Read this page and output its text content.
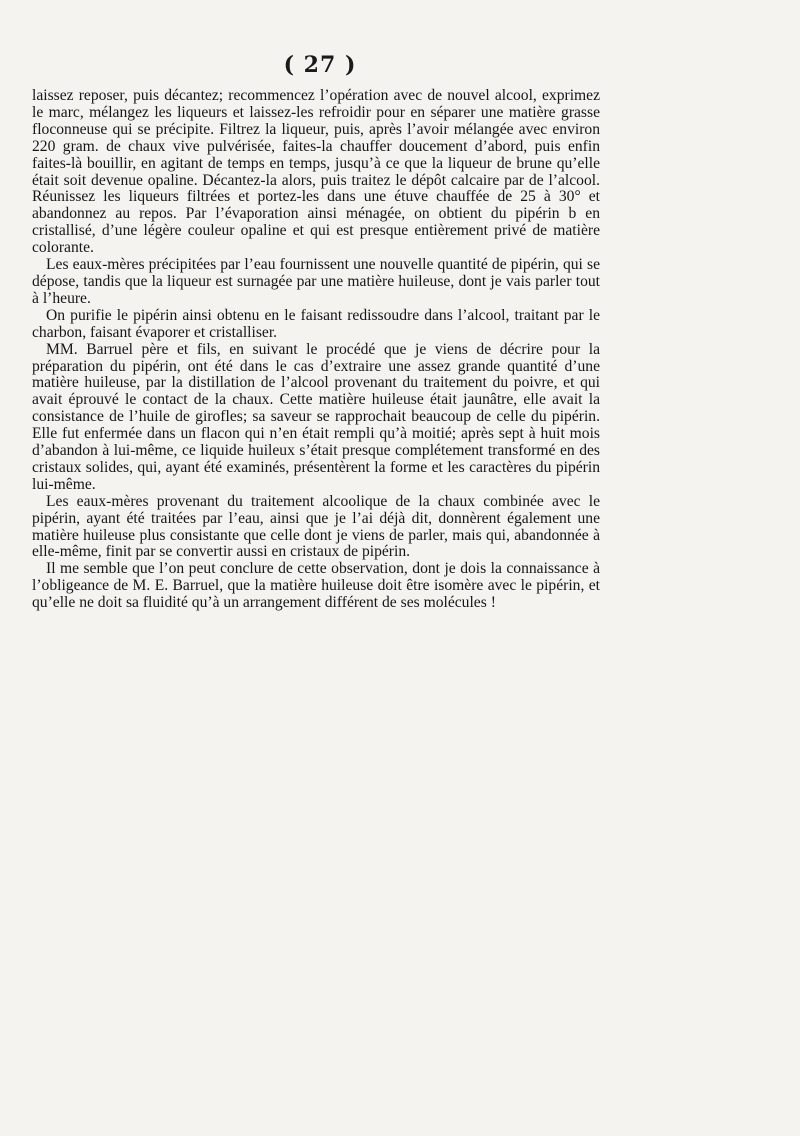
( 27 )

laissez reposer, puis décantez; recommencez l’opération avec de nouvel alcool, exprimez le marc, mélangez les liqueurs et laissez-les refroidir pour en séparer une matière grasse floconneuse qui se précipite. Filtrez la liqueur, puis, après l’avoir mélangée avec environ 220 gram. de chaux vive pulvérisée, faites-la chauffer doucement d’abord, puis enfin faites-là bouillir, en agitant de temps en temps, jusqu’à ce que la liqueur de brune qu’elle était soit devenue opaline. Décantez-la alors, puis traitez le dépôt calcaire par de l’alcool. Réunissez les liqueurs filtrées et portez-les dans une étuve chauffée de 25 à 30° et abandonnez au repos. Par l’évaporation ainsi ménagée, on obtient du pipérin b en cristallisé, d’une légère couleur opaline et qui est presque entièrement privé de matière colorante.

Les eaux-mères précipitées par l’eau fournissent une nouvelle quantité de pipérin, qui se dépose, tandis que la liqueur est surnagée par une matière huileuse, dont je vais parler tout à l’heure.

On purifie le pipérin ainsi obtenu en le faisant redissoudre dans l’alcool, traitant par le charbon, faisant évaporer et cristalliser.

MM. Barruel père et fils, en suivant le procédé que je viens de décrire pour la préparation du pipérin, ont été dans le cas d’extraire une assez grande quantité d’une matière huileuse, par la distillation de l’alcool provenant du traitement du poivre, et qui avait éprouvé le contact de la chaux. Cette matière huileuse était jaunâtre, elle avait la consistance de l’huile de girofles; sa saveur se rapprochait beaucoup de celle du pipérin. Elle fut enfermée dans un flacon qui n’en était rempli qu’à moitié; après sept à huit mois d’abandon à lui-même, ce liquide huileux s’était presque complétement transformé en des cristaux solides, qui, ayant été examinés, présentèrent la forme et les caractères du pipérin lui-même.

Les eaux-mères provenant du traitement alcoolique de la chaux combinée avec le pipérin, ayant été traitées par l’eau, ainsi que je l’ai déjà dit, donnèrent également une matière huileuse plus consistante que celle dont je viens de parler, mais qui, abandonnée à elle-même, finit par se convertir aussi en cristaux de pipérin.

Il me semble que l’on peut conclure de cette observation, dont je dois la connaissance à l’obligeance de M. E. Barruel, que la matière huileuse doit être isomère avec le pipérin, et qu’elle ne doit sa fluidité qu’à un arrangement différent de ses molécules !
